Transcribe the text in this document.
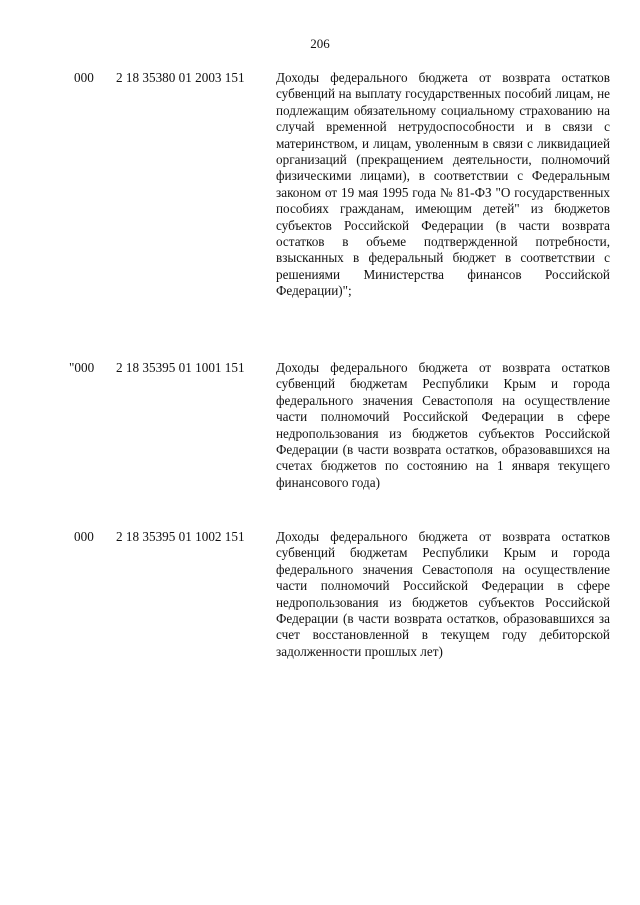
206
000 2 18 35380 01 2003 151 Доходы федерального бюджета от возврата остатков субвенций на выплату государственных пособий лицам, не подлежащим обязательному социальному страхованию на случай временной нетрудоспособности и в связи с материнством, и лицам, уволенным в связи с ликвидацией организаций (прекращением деятельности, полномочий физическими лицами), в соответствии с Федеральным законом от 19 мая 1995 года № 81-ФЗ "О государственных пособиях гражданам, имеющим детей" из бюджетов субъектов Российской Федерации (в части возврата остатков в объеме подтвержденной потребности, взысканных в федеральный бюджет в соответствии с решениями Министерства финансов Российской Федерации)";
"000 2 18 35395 01 1001 151 Доходы федерального бюджета от возврата остатков субвенций бюджетам Республики Крым и города федерального значения Севастополя на осуществление части полномочий Российской Федерации в сфере недропользования из бюджетов субъектов Российской Федерации (в части возврата остатков, образовавшихся на счетах бюджетов по состоянию на 1 января текущего финансового года)
000 2 18 35395 01 1002 151 Доходы федерального бюджета от возврата остатков субвенций бюджетам Республики Крым и города федерального значения Севастополя на осуществление части полномочий Российской Федерации в сфере недропользования из бюджетов субъектов Российской Федерации (в части возврата остатков, образовавшихся за счет восстановленной в текущем году дебиторской задолженности прошлых лет)
